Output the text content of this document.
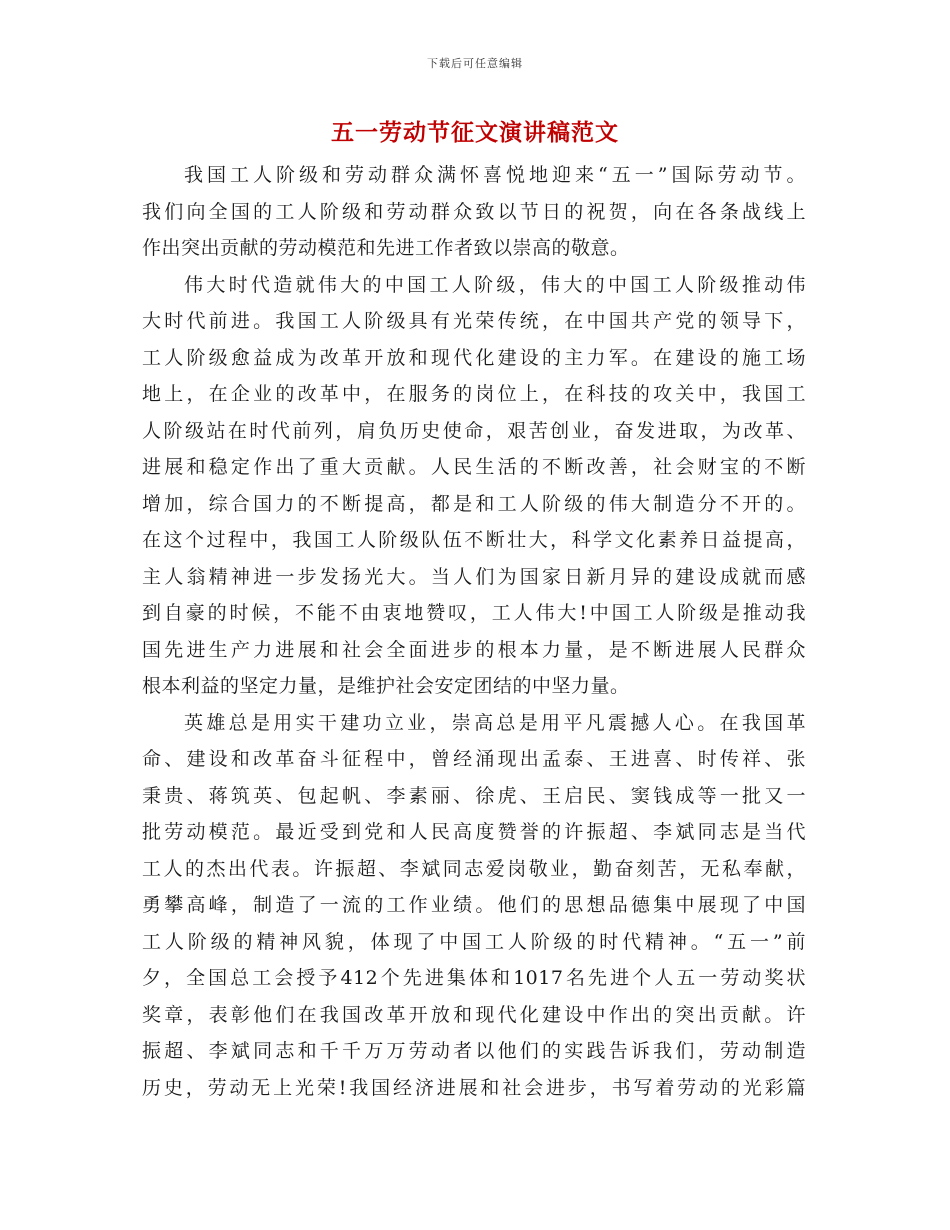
下载后可任意编辑
五一劳动节征文演讲稿范文
我国工人阶级和劳动群众满怀喜悦地迎来“五一”国际劳动节。
我们向全国的工人阶级和劳动群众致以节日的祝贺，向在各条战线上
作出突出贡献的劳动模范和先进工作者致以崇高的敬意。
伟大时代造就伟大的中国工人阶级，伟大的中国工人阶级推动伟
大时代前进。我国工人阶级具有光荣传统，在中国共产党的领导下，
工人阶级愈益成为改革开放和现代化建设的主力军。在建设的施工场
地上，在企业的改革中，在服务的岗位上，在科技的攻关中，我国工
人阶级站在时代前列，肩负历史使命，艰苦创业，奋发进取，为改革、
进展和稳定作出了重大贡献。人民生活的不断改善，社会财宝的不断
增加，综合国力的不断提高，都是和工人阶级的伟大制造分不开的。
在这个过程中，我国工人阶级队伍不断壮大，科学文化素养日益提高，
主人翁精神进一步发扬光大。当人们为国家日新月异的建设成就而感
到自豪的时候，不能不由衷地赞叹，工人伟大!中国工人阶级是推动我
国先进生产力进展和社会全面进步的根本力量，是不断进展人民群众
根本利益的坚定力量，是维护社会安定团结的中坚力量。
英雄总是用实干建功立业，崇高总是用平凡震撼人心。在我国革
命、建设和改革奋斗征程中，曾经涌现出孟泰、王进喜、时传祥、张
秉贵、蒋筑英、包起帆、李素丽、徐虎、王启民、窦钱成等一批又一
批劳动模范。最近受到党和人民高度赞誉的许振超、李斌同志是当代
工人的杰出代表。许振超、李斌同志爱岗敬业，勤奋刻苦，无私奉献，
勇攀高峰，制造了一流的工作业绩。他们的思想品德集中展现了中国
工人阶级的精神风貌，体现了中国工人阶级的时代精神。“五一”前
夕，全国总工会授予412个先进集体和1017名先进个人五一劳动奖状
奖章，表彰他们在我国改革开放和现代化建设中作出的突出贡献。许
振超、李斌同志和千千万万劳动者以他们的实践告诉我们，劳动制造
历史，劳动无上光荣!我国经济进展和社会进步，书写着劳动的光彩篇
